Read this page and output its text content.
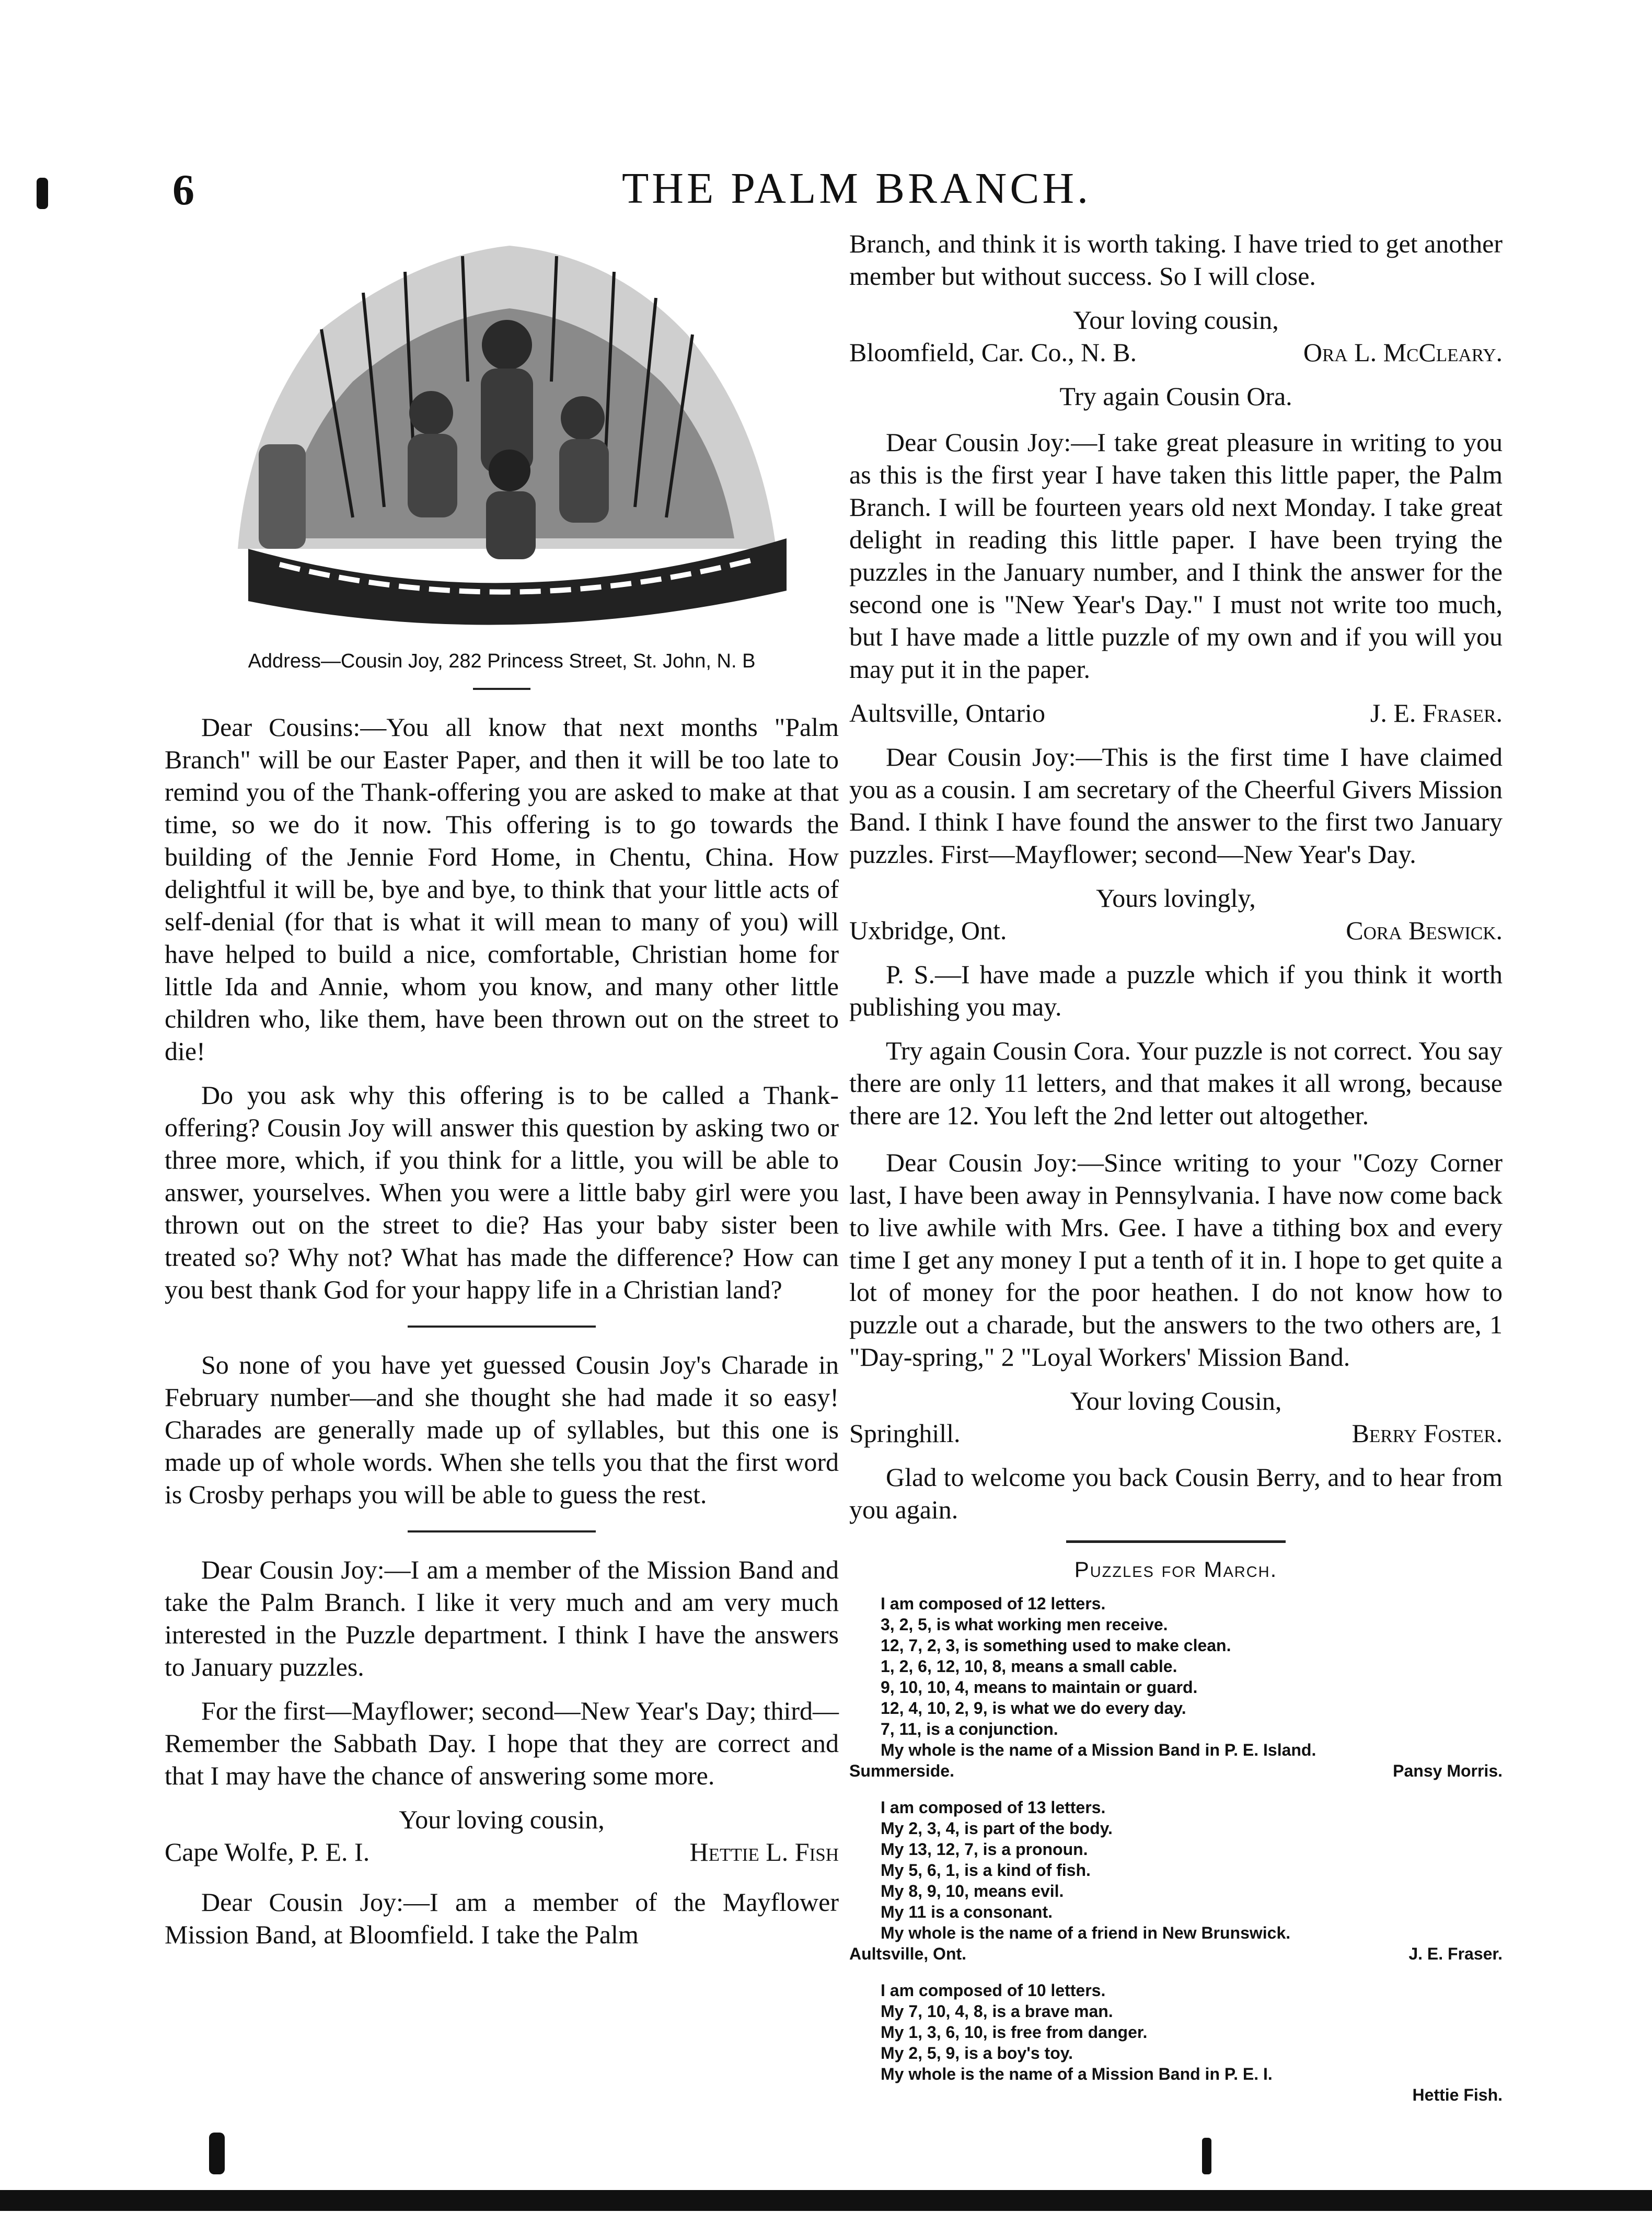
6	THE PALM BRANCH.
Address—Cousin Joy, 282 Princess Street, St. John, N. B

Dear Cousins:—You all know that next months "Palm Branch" will be our Easter Paper, and then it will be too late to remind you of the Thank-offering you are asked to make at that time, so we do it now. This offering is to go towards the building of the Jennie Ford Home, in Chentu, China. How delightful it will be, bye and bye, to think that your little acts of self-denial (for that is what it will mean to many of you) will have helped to build a nice, comfortable, Christian home for little Ida and Annie, whom you know, and many other little children who, like them, have been thrown out on the street to die!

Do you ask why this offering is to be called a Thank-offering? Cousin Joy will answer this question by asking two or three more, which, if you think for a little, you will be able to answer, yourselves. When you were a little baby girl were you thrown out on the street to die? Has your baby sister been treated so? Why not? What has made the difference? How can you best thank God for your happy life in a Christian land?

So none of you have yet guessed Cousin Joy's Charade in February number—and she thought she had made it so easy! Charades are generally made up of syllables, but this one is made up of whole words. When she tells you that the first word is Crosby perhaps you will be able to guess the rest.

Dear Cousin Joy:—I am a member of the Mission Band and take the Palm Branch. I like it very much and am very much interested in the Puzzle department. I think I have the answers to January puzzles.

For the first—Mayflower; second—New Year's Day; third—Remember the Sabbath Day. I hope that they are correct and that I may have the chance of answering some more.

Your loving cousin,

Cape Wolfe, P. E. I.	Hettie L. Fish

Dear Cousin Joy:—I am a member of the Mayflower Mission Band, at Bloomfield. I take the Palm

Branch, and think it is worth taking. I have tried to get another member but without success. So I will close.

Your loving cousin,

Bloomfield, Car. Co., N. B.	Ora L. McCleary.

Try again Cousin Ora.

Dear Cousin Joy:—I take great pleasure in writing to you as this is the first year I have taken this little paper, the Palm Branch. I will be fourteen years old next Monday. I take great delight in reading this little paper. I have been trying the puzzles in the January number, and I think the answer for the second one is "New Year's Day." I must not write too much, but I have made a little puzzle of my own and if you will you may put it in the paper.

Aultsville, Ontario	J. E. Fraser.

Dear Cousin Joy:—This is the first time I have claimed you as a cousin. I am secretary of the Cheerful Givers Mission Band. I think I have found the answer to the first two January puzzles. First—Mayflower; second—New Year's Day.

Yours lovingly,

Uxbridge, Ont.	Cora Beswick.

P. S.—I have made a puzzle which if you think it worth publishing you may.

Try again Cousin Cora. Your puzzle is not correct. You say there are only 11 letters, and that makes it all wrong, because there are 12. You left the 2nd letter out altogether.

Dear Cousin Joy:—Since writing to your "Cozy Corner last, I have been away in Pennsylvania. I have now come back to live awhile with Mrs. Gee. I have a tithing box and every time I get any money I put a tenth of it in. I hope to get quite a lot of money for the poor heathen. I do not know how to puzzle out a charade, but the answers to the two others are, 1 "Day-spring," 2 "Loyal Workers' Mission Band.

Your loving Cousin,

Springhill.	Berry Foster.

Glad to welcome you back Cousin Berry, and to hear from you again.

Puzzles for March.
I am composed of 12 letters.
3, 2, 5, is what working men receive.
12, 7, 2, 3, is something used to make clean.
1, 2, 6, 12, 10, 8, means a small cable.
9, 10, 10, 4, means to maintain or guard.
12, 4, 10, 2, 9, is what we do every day.
7, 11, is a conjunction.
My whole is the name of a Mission Band in P. E. Island.
Summerside.	Pansy Morris.
I am composed of 13 letters.
My 2, 3, 4, is part of the body.
My 13, 12, 7, is a pronoun.
My 5, 6, 1, is a kind of fish.
My 8, 9, 10, means evil.
My 11 is a consonant.
My whole is the name of a friend in New Brunswick.
Aultsville, Ont.	J. E. Fraser.
I am composed of 10 letters.
My 7, 10, 4, 8, is a brave man.
My 1, 3, 6, 10, is free from danger.
My 2, 5, 9, is a boy's toy.
My whole is the name of a Mission Band in P. E. I.
Hettie Fish.
